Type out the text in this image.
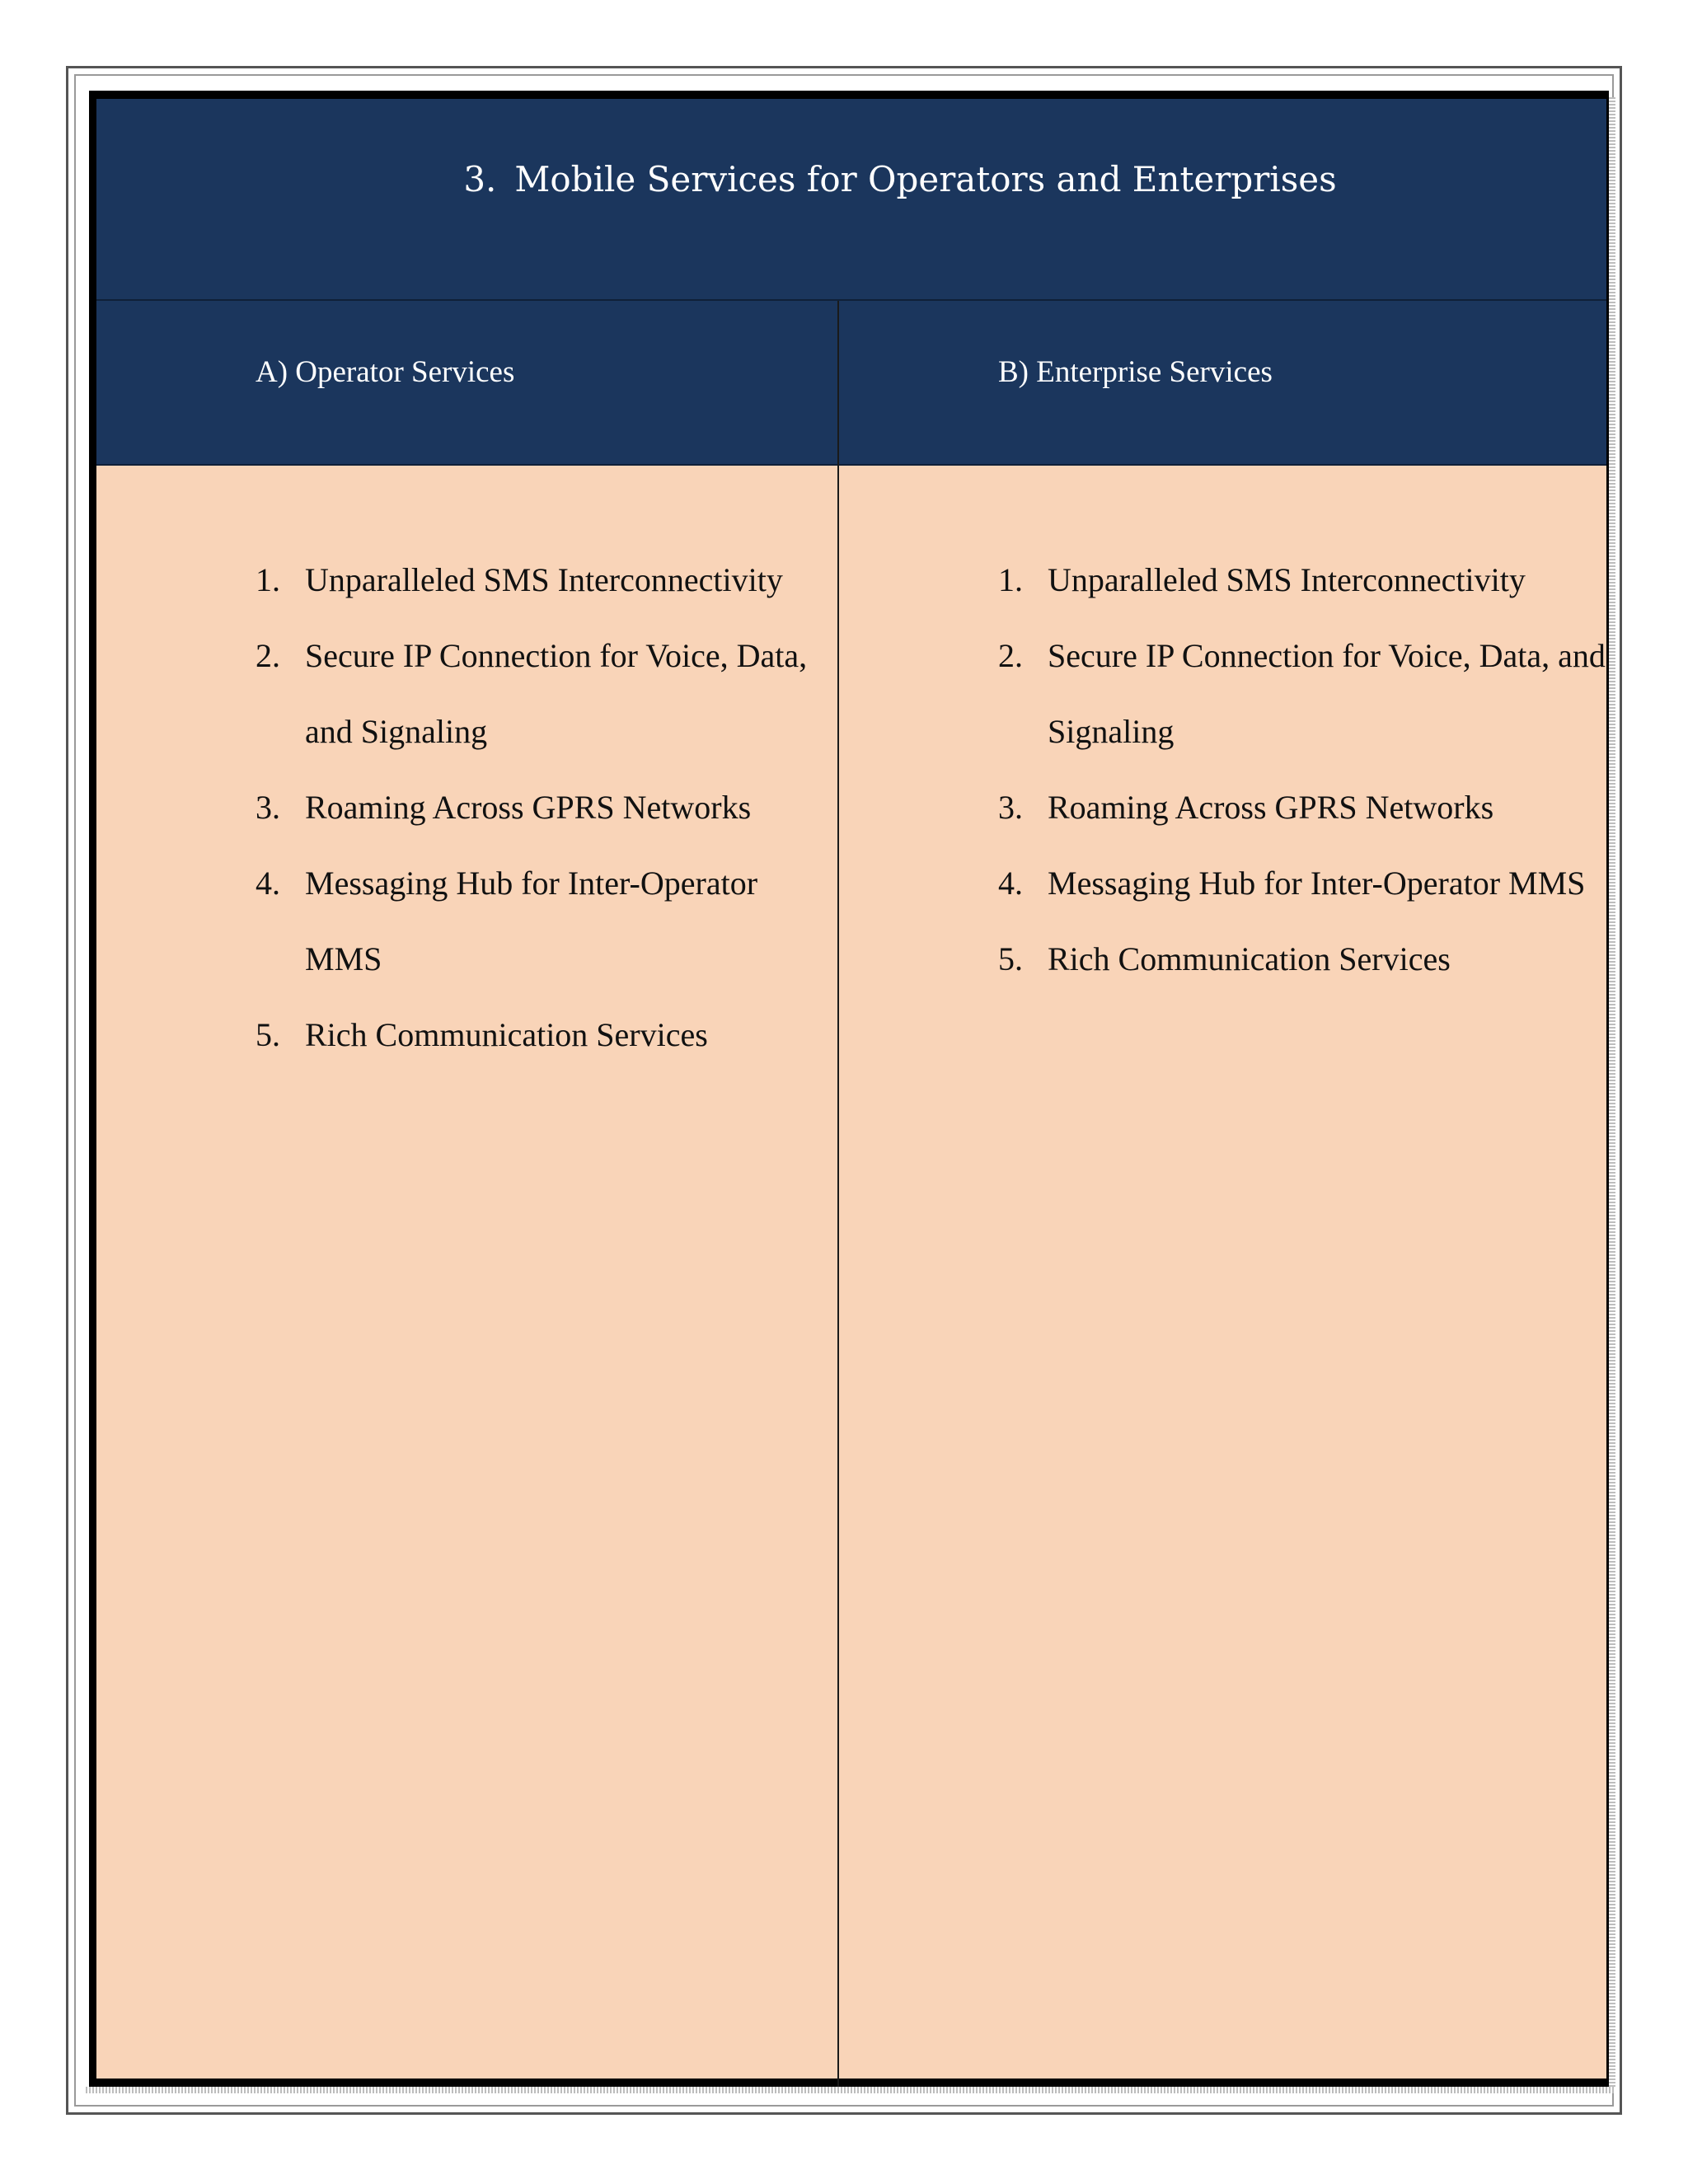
3. Mobile Services for Operators and Enterprises
A) Operator Services	B) Enterprise Services
1. Unparalleled SMS Interconnectivity
2. Secure IP Connection for Voice, Data, and Signaling
3. Roaming Across GPRS Networks
4. Messaging Hub for Inter-Operator MMS
5. Rich Communication Services
1. Unparalleled SMS Interconnectivity
2. Secure IP Connection for Voice, Data, and Signaling
3. Roaming Across GPRS Networks
4. Messaging Hub for Inter-Operator MMS
5. Rich Communication Services
